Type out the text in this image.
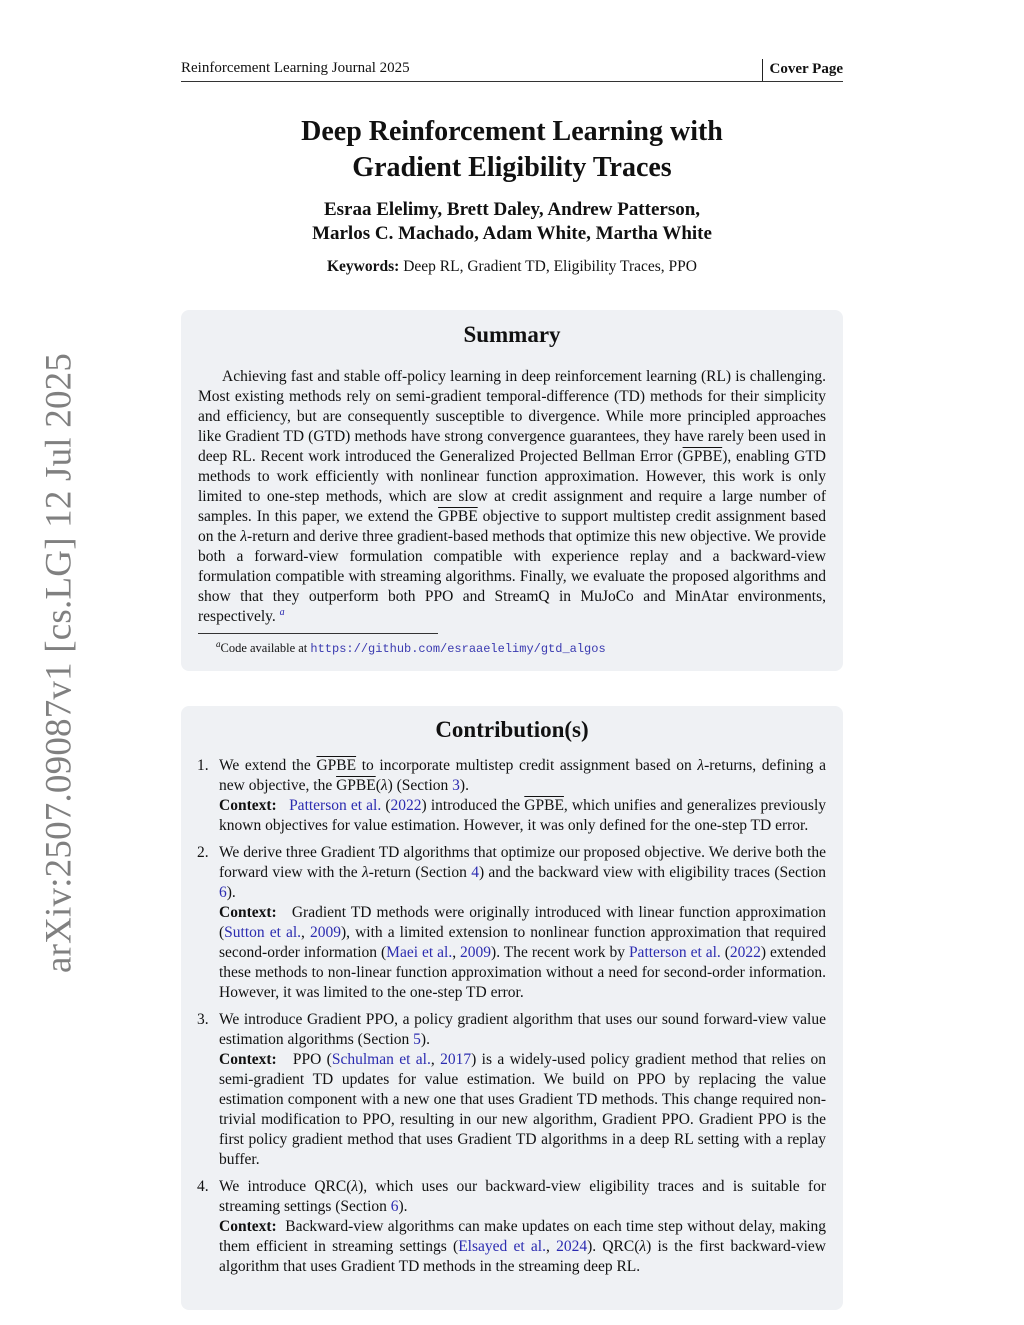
Reinforcement Learning Journal 2025	Cover Page
arXiv:2507.09087v1 [cs.LG] 12 Jul 2025
Deep Reinforcement Learning with
Gradient Eligibility Traces
Esraa Elelimy, Brett Daley, Andrew Patterson,
Marlos C. Machado, Adam White, Martha White
Keywords: Deep RL, Gradient TD, Eligibility Traces, PPO
Summary

Achieving fast and stable off-policy learning in deep reinforcement learning (RL) is challenging. Most existing methods rely on semi-gradient temporal-difference (TD) methods for their simplicity and efficiency, but are consequently susceptible to divergence. While more principled approaches like Gradient TD (GTD) methods have strong convergence guarantees, they have rarely been used in deep RL. Recent work introduced the Generalized Projected Bellman Error (GPBE), enabling GTD methods to work efficiently with nonlinear function approximation. However, this work is only limited to one-step methods, which are slow at credit assignment and require a large number of samples. In this paper, we extend the GPBE objective to support multistep credit assignment based on the λ-return and derive three gradient-based methods that optimize this new objective. We provide both a forward-view formulation compatible with experience replay and a backward-view formulation compatible with streaming algorithms. Finally, we evaluate the proposed algorithms and show that they outperform both PPO and StreamQ in MuJoCo and MinAtar environments, respectively. $^a$

$^a$Code available at https://github.com/esraaelelimy/gtd_algos
Contribution(s)
1. We extend the GPBE to incorporate multistep credit assignment based on λ-returns, defining a new objective, the GPBE(λ) (Section 3).
Context: Patterson et al. (2022) introduced the GPBE, which unifies and generalizes previously known objectives for value estimation. However, it was only defined for the one-step TD error.
2. We derive three Gradient TD algorithms that optimize our proposed objective. We derive both the forward view with the λ-return (Section 4) and the backward view with eligibility traces (Section 6).
Context: Gradient TD methods were originally introduced with linear function approximation (Sutton et al., 2009), with a limited extension to nonlinear function approximation that required second-order information (Maei et al., 2009). The recent work by Patterson et al. (2022) extended these methods to non-linear function approximation without a need for second-order information. However, it was limited to the one-step TD error.
3. We introduce Gradient PPO, a policy gradient algorithm that uses our sound forward-view value estimation algorithms (Section 5).
Context: PPO (Schulman et al., 2017) is a widely-used policy gradient method that relies on semi-gradient TD updates for value estimation. We build on PPO by replacing the value estimation component with a new one that uses Gradient TD methods. This change required non-trivial modification to PPO, resulting in our new algorithm, Gradient PPO. Gradient PPO is the first policy gradient method that uses Gradient TD algorithms in a deep RL setting with a replay buffer.
4. We introduce QRC(λ), which uses our backward-view eligibility traces and is suitable for streaming settings (Section 6).
Context: Backward-view algorithms can make updates on each time step without delay, making them efficient in streaming settings (Elsayed et al., 2024). QRC(λ) is the first backward-view algorithm that uses Gradient TD methods in the streaming deep RL.
